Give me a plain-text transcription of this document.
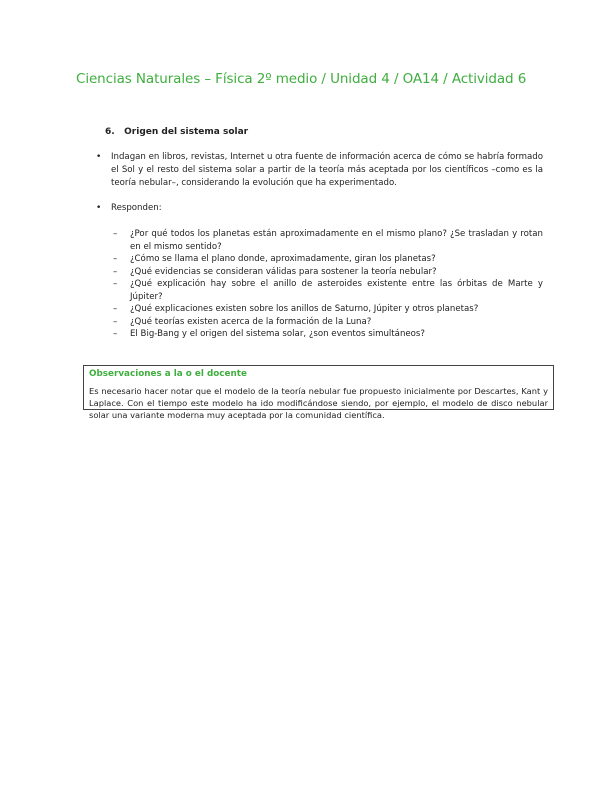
Ciencias Naturales – Física 2º medio / Unidad 4 / OA14 / Actividad 6
6. Origen del sistema solar
• Indagan en libros, revistas, Internet u otra fuente de información acerca de cómo se habría formado el Sol y el resto del sistema solar a partir de la teoría más aceptada por los científicos –como es la teoría nebular–, considerando la evolución que ha experimentado.
• Responden:
– ¿Por qué todos los planetas están aproximadamente en el mismo plano? ¿Se trasladan y rotan en el mismo sentido?
– ¿Cómo se llama el plano donde, aproximadamente, giran los planetas?
– ¿Qué evidencias se consideran válidas para sostener la teoría nebular?
– ¿Qué explicación hay sobre el anillo de asteroides existente entre las órbitas de Marte y Júpiter?
– ¿Qué explicaciones existen sobre los anillos de Saturno, Júpiter y otros planetas?
– ¿Qué teorías existen acerca de la formación de la Luna?
– El Big-Bang y el origen del sistema solar, ¿son eventos simultáneos?
Observaciones a la o el docente
Es necesario hacer notar que el modelo de la teoría nebular fue propuesto inicialmente por Descartes, Kant y Laplace. Con el tiempo este modelo ha ido modificándose siendo, por ejemplo, el modelo de disco nebular solar una variante moderna muy aceptada por la comunidad científica.
